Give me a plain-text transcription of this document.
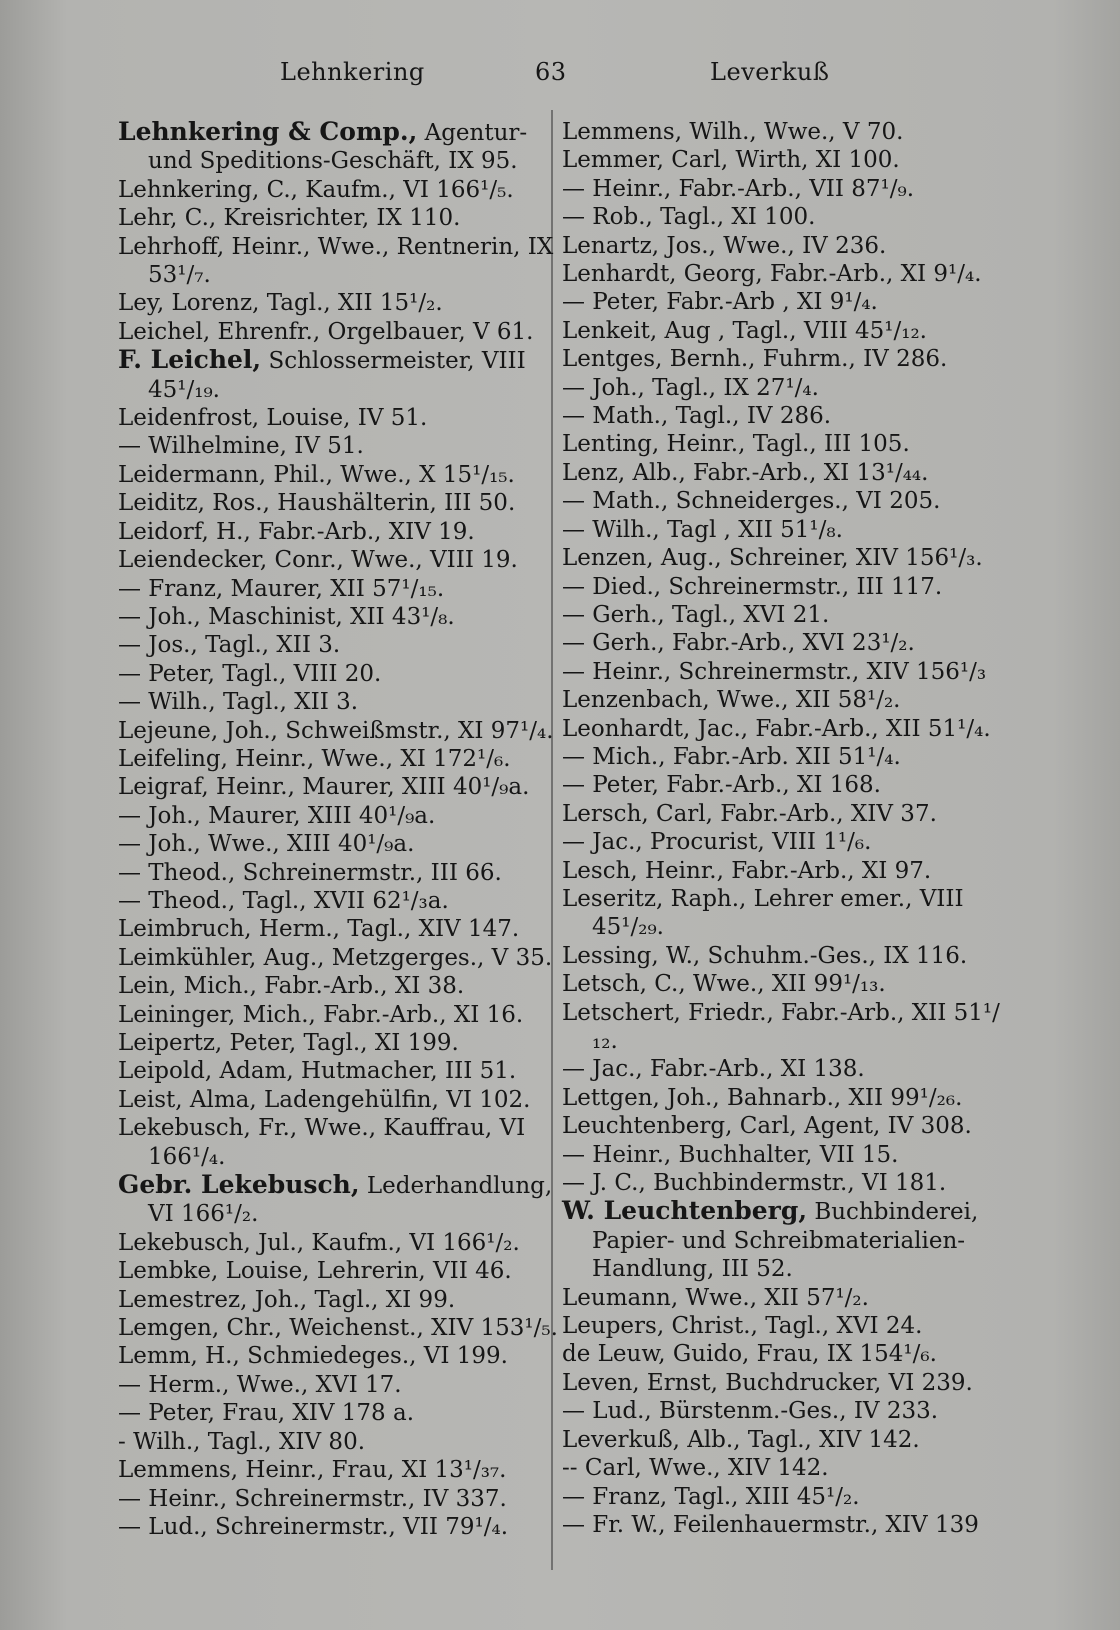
Lehnkering	63	Leverkuß
Lehnkering & Comp., Agentur- und Speditions-Geschäft, IX 95.
Lehnkering, C., Kaufm., VI 166¹/₅.
Lehr, C., Kreisrichter, IX 110.
Lehrhoff, Heinr., Wwe., Rentnerin, IX 53¹/₇.
Ley, Lorenz, Tagl., XII 15¹/₂.
Leichel, Ehrenfr., Orgelbauer, V 61.
F. Leichel, Schlossermeister, VIII 45¹/₁₉.
Leidenfrost, Louise, IV 51.
— Wilhelmine, IV 51.
Leidermann, Phil., Wwe., X 15¹/₁₅.
Leiditz, Ros., Haushälterin, III 50.
Leidorf, H., Fabr.-Arb., XIV 19.
Leiendecker, Conr., Wwe., VIII 19.
— Franz, Maurer, XII 57¹/₁₅.
— Joh., Maschinist, XII 43¹/₈.
— Jos., Tagl., XII 3.
— Peter, Tagl., VIII 20.
— Wilh., Tagl., XII 3.
Lejeune, Joh., Schweißmstr., XI 97¹/₄.
Leifeling, Heinr., Wwe., XI 172¹/₆.
Leigraf, Heinr., Maurer, XIII 40¹/₉a.
— Joh., Maurer, XIII 40¹/₉a.
— Joh., Wwe., XIII 40¹/₉a.
— Theod., Schreinermstr., III 66.
— Theod., Tagl., XVII 62¹/₃a.
Leimbruch, Herm., Tagl., XIV 147.
Leimkühler, Aug., Metzgerges., V 35.
Lein, Mich., Fabr.-Arb., XI 38.
Leininger, Mich., Fabr.-Arb., XI 16.
Leipertz, Peter, Tagl., XI 199.
Leipold, Adam, Hutmacher, III 51.
Leist, Alma, Ladengehülfin, VI 102.
Lekebusch, Fr., Wwe., Kauffrau, VI 166¹/₄.
Gebr. Lekebusch, Lederhandlung, VI 166¹/₂.
Lekebusch, Jul., Kaufm., VI 166¹/₂.
Lembke, Louise, Lehrerin, VII 46.
Lemestrez, Joh., Tagl., XI 99.
Lemgen, Chr., Weichenst., XIV 153¹/₅.
Lemm, H., Schmiedeges., VI 199.
— Herm., Wwe., XVI 17.
— Peter, Frau, XIV 178 a.
- Wilh., Tagl., XIV 80.
Lemmens, Heinr., Frau, XI 13¹/₃₇.
— Heinr., Schreinermstr., IV 337.
— Lud., Schreinermstr., VII 79¹/₄.
Lemmens, Wilh., Wwe., V 70.
Lemmer, Carl, Wirth, XI 100.
— Heinr., Fabr.-Arb., VII 87¹/₉.
— Rob., Tagl., XI 100.
Lenartz, Jos., Wwe., IV 236.
Lenhardt, Georg, Fabr.-Arb., XI 9¹/₄.
— Peter, Fabr.-Arb , XI 9¹/₄.
Lenkeit, Aug , Tagl., VIII 45¹/₁₂.
Lentges, Bernh., Fuhrm., IV 286.
— Joh., Tagl., IX 27¹/₄.
— Math., Tagl., IV 286.
Lenting, Heinr., Tagl., III 105.
Lenz, Alb., Fabr.-Arb., XI 13¹/₄₄.
— Math., Schneiderges., VI 205.
— Wilh., Tagl , XII 51¹/₈.
Lenzen, Aug., Schreiner, XIV 156¹/₃.
— Died., Schreinermstr., III 117.
— Gerh., Tagl., XVI 21.
— Gerh., Fabr.-Arb., XVI 23¹/₂.
— Heinr., Schreinermstr., XIV 156¹/₃
Lenzenbach, Wwe., XII 58¹/₂.
Leonhardt, Jac., Fabr.-Arb., XII 51¹/₄.
— Mich., Fabr.-Arb. XII 51¹/₄.
— Peter, Fabr.-Arb., XI 168.
Lersch, Carl, Fabr.-Arb., XIV 37.
— Jac., Procurist, VIII 1¹/₆.
Lesch, Heinr., Fabr.-Arb., XI 97.
Leseritz, Raph., Lehrer emer., VIII 45¹/₂₉.
Lessing, W., Schuhm.-Ges., IX 116.
Letsch, C., Wwe., XII 99¹/₁₃.
Letschert, Friedr., Fabr.-Arb., XII 51¹/₁₂.
— Jac., Fabr.-Arb., XI 138.
Lettgen, Joh., Bahnarb., XII 99¹/₂₆.
Leuchtenberg, Carl, Agent, IV 308.
— Heinr., Buchhalter, VII 15.
— J. C., Buchbindermstr., VI 181.
W. Leuchtenberg, Buchbinderei, Papier- und Schreibmaterialien-Handlung, III 52.
Leumann, Wwe., XII 57¹/₂.
Leupers, Christ., Tagl., XVI 24.
de Leuw, Guido, Frau, IX 154¹/₆.
Leven, Ernst, Buchdrucker, VI 239.
— Lud., Bürstenm.-Ges., IV 233.
Leverkuß, Alb., Tagl., XIV 142.
-- Carl, Wwe., XIV 142.
— Franz, Tagl., XIII 45¹/₂.
— Fr. W., Feilenhauermstr., XIV 139
